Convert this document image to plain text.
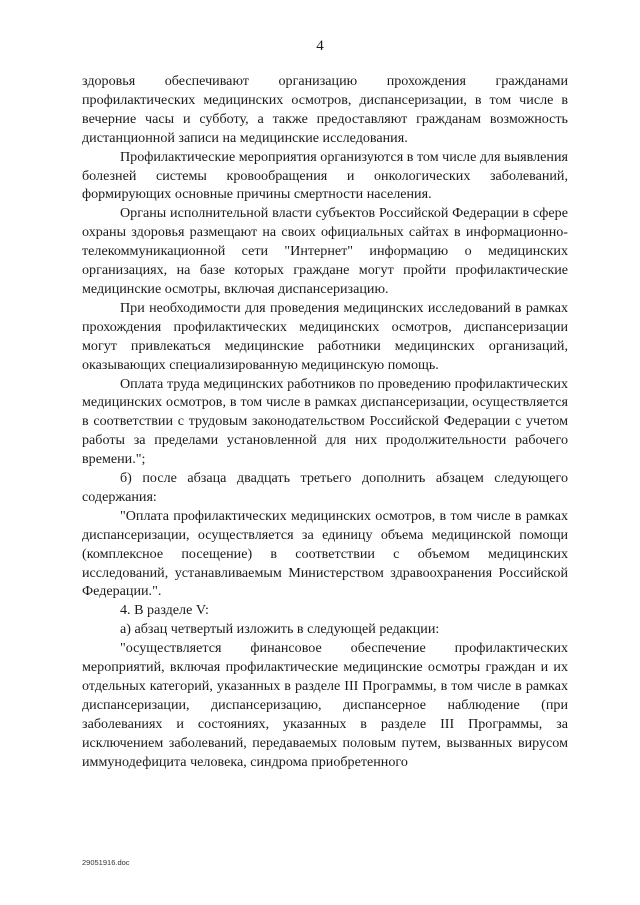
4

здоровья обеспечивают организацию прохождения гражданами профилактических медицинских осмотров, диспансеризации, в том числе в вечерние часы и субботу, а также предоставляют гражданам возможность дистанционной записи на медицинские исследования.

Профилактические мероприятия организуются в том числе для выявления болезней системы кровообращения и онкологических заболеваний, формирующих основные причины смертности населения.

Органы исполнительной власти субъектов Российской Федерации в сфере охраны здоровья размещают на своих официальных сайтах в информационно-телекоммуникационной сети "Интернет" информацию о медицинских организациях, на базе которых граждане могут пройти профилактические медицинские осмотры, включая диспансеризацию.

При необходимости для проведения медицинских исследований в рамках прохождения профилактических медицинских осмотров, диспансеризации могут привлекаться медицинские работники медицинских организаций, оказывающих специализированную медицинскую помощь.

Оплата труда медицинских работников по проведению профилактических медицинских осмотров, в том числе в рамках диспансеризации, осуществляется в соответствии с трудовым законодательством Российской Федерации с учетом работы за пределами установленной для них продолжительности рабочего времени.";

б) после абзаца двадцать третьего дополнить абзацем следующего содержания:

"Оплата профилактических медицинских осмотров, в том числе в рамках диспансеризации, осуществляется за единицу объема медицинской помощи (комплексное посещение) в соответствии с объемом медицинских исследований, устанавливаемым Министерством здравоохранения Российской Федерации.".

4. В разделе V:

а) абзац четвертый изложить в следующей редакции:

"осуществляется финансовое обеспечение профилактических мероприятий, включая профилактические медицинские осмотры граждан и их отдельных категорий, указанных в разделе III Программы, в том числе в рамках диспансеризации, диспансеризацию, диспансерное наблюдение (при заболеваниях и состояниях, указанных в разделе III Программы, за исключением заболеваний, передаваемых половым путем, вызванных вирусом иммунодефицита человека, синдрома приобретенного

29051916.doc
